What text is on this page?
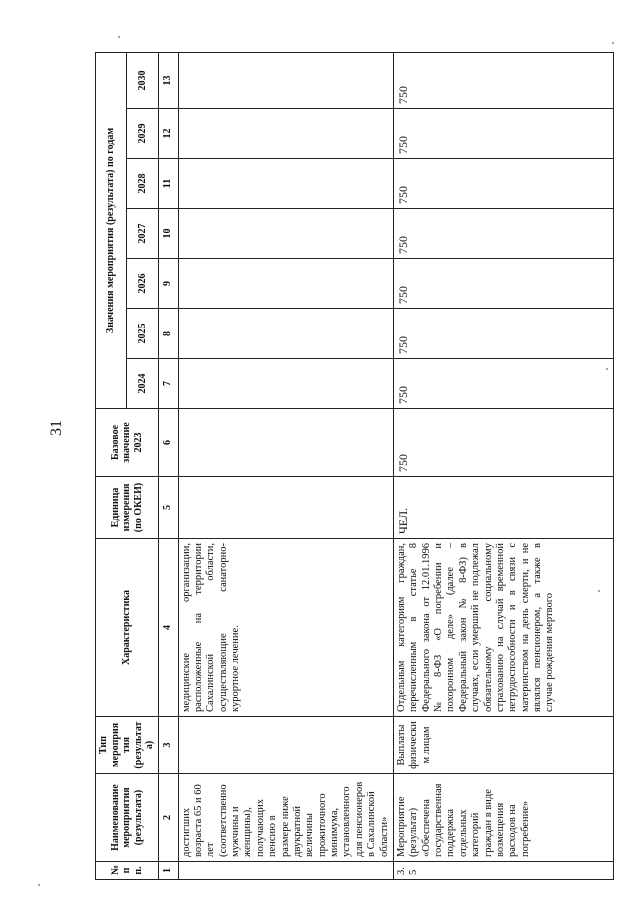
31
№ пп.	Наименование мероприятия (результата)	Тип мероприятия (результата)	Характеристика	Единица измерения (по ОКЕИ)	Базовое значение 2023	Значения мероприятия (результата) по годам						
						2024	2025	2026	2027	2028	2029	2030
1	2	3	4	5	6	7	8	9	10	11	12	13
	достигших возраста 65 и 60 лет (соответственно мужчины и женщины), получающих пенсию в размере ниже двукратной величины прожиточного минимума, установленного для пенсионеров в Сахалинской области»		медицинские организации, расположенные на территории Сахалинской области, осуществляющие санаторно-курортное лечение.									
3.5	Мероприятие (результат) «Обеспечена государственная поддержка отдельных категорий граждан в виде возмещения расходов на погребение»	Выплаты физическим лицам	Отдельным категориям граждан, перечисленным в статье 8 Федерального закона от 12.01.1996 № 8-ФЗ «О погребении и похоронном деле» (далее – Федеральный закон № 8-ФЗ) в случаях, если умерший не подлежал обязательному социальному страхованию на случай временной нетрудоспособности и в связи с материнством на день смерти, и не являлся пенсионером, а также в случае рождения мертвого	ЧЕЛ.	750	750	750	750	750	750	750	750
